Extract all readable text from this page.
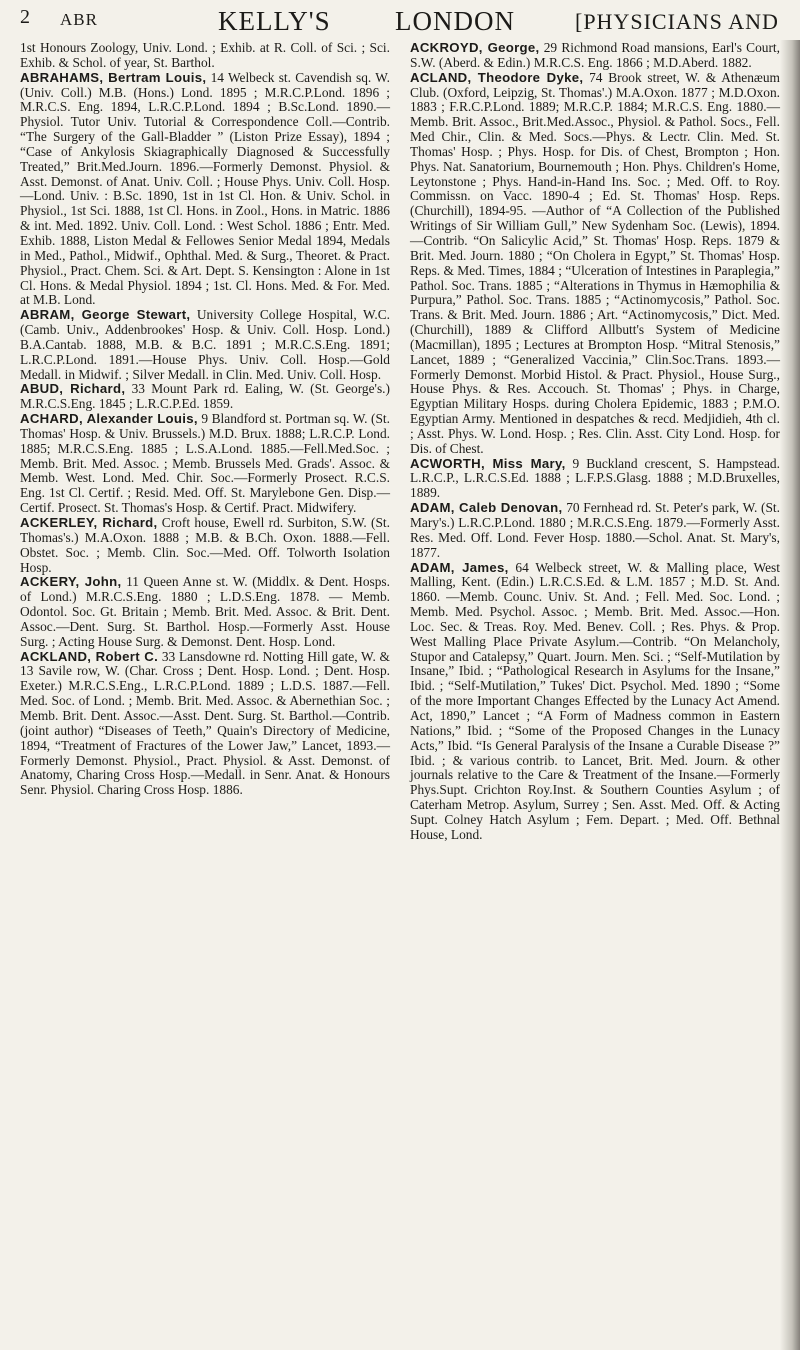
2 ABR	KELLY'S LONDON	[PHYSICIANS AND

1st Honours Zoology, Univ. Lond. ; Exhib. at R. Coll. of Sci. ; Sci. Exhib. & Schol. of year, St. Barthol.

ABRAHAMS, Bertram Louis, 14 Welbeck st. Cavendish sq. W. (Univ. Coll.) M.B. (Hons.) Lond. 1895 ; M.R.C.P.Lond. 1896 ; M.R.C.S. Eng. 1894, L.R.C.P.Lond. 1894 ; B.Sc.Lond. 1890.—Physiol. Tutor Univ. Tutorial & Correspondence Coll.—Contrib. “The Surgery of the Gall-Bladder ” (Liston Prize Essay), 1894 ; “Case of Ankylosis Skiagraphically Diagnosed & Successfully Treated,” Brit.Med.Journ. 1896.—Formerly Demonst. Physiol. & Asst. Demonst. of Anat. Univ. Coll. ; House Phys. Univ. Coll. Hosp.—Lond. Univ. : B.Sc. 1890, 1st in 1st Cl. Hon. & Univ. Schol. in Physiol., 1st Sci. 1888, 1st Cl. Hons. in Zool., Hons. in Matric. 1886 & int. Med. 1892. Univ. Coll. Lond. : West Schol. 1886 ; Entr. Med. Exhib. 1888, Liston Medal & Fellowes Senior Medal 1894, Medals in Med., Pathol., Midwif., Ophthal. Med. & Surg., Theoret. & Pract. Physiol., Pract. Chem. Sci. & Art. Dept. S. Kensington : Alone in 1st Cl. Hons. & Medal Physiol. 1894 ; 1st. Cl. Hons. Med. & For. Med. at M.B. Lond.

ABRAM, George Stewart, University College Hospital, W.C. (Camb. Univ., Addenbrookes' Hosp. & Univ. Coll. Hosp. Lond.) B.A.Cantab. 1888, M.B. & B.C. 1891 ; M.R.C.S.Eng. 1891; L.R.C.P.Lond. 1891.—House Phys. Univ. Coll. Hosp.—Gold Medall. in Midwif. ; Silver Medall. in Clin. Med. Univ. Coll. Hosp.

ABUD, Richard, 33 Mount Park rd. Ealing, W. (St. George's.) M.R.C.S.Eng. 1845 ; L.R.C.P.Ed. 1859.

ACHARD, Alexander Louis, 9 Blandford st. Portman sq. W. (St. Thomas' Hosp. & Univ. Brussels.) M.D. Brux. 1888; L.R.C.P. Lond. 1885; M.R.C.S.Eng. 1885 ; L.S.A.Lond. 1885.—Fell.Med.Soc. ; Memb. Brit. Med. Assoc. ; Memb. Brussels Med. Grads'. Assoc. & Memb. West. Lond. Med. Chir. Soc.—Formerly Prosect. R.C.S. Eng. 1st Cl. Certif. ; Resid. Med. Off. St. Marylebone Gen. Disp.—Certif. Prosect. St. Thomas's Hosp. & Certif. Pract. Midwifery.

ACKERLEY, Richard, Croft house, Ewell rd. Surbiton, S.W. (St. Thomas's.) M.A.Oxon. 1888 ; M.B. & B.Ch. Oxon. 1888.—Fell. Obstet. Soc. ; Memb. Clin. Soc.—Med. Off. Tolworth Isolation Hosp.

ACKERY, John, 11 Queen Anne st. W. (Middlx. & Dent. Hosps. of Lond.) M.R.C.S.Eng. 1880 ; L.D.S.Eng. 1878. — Memb. Odontol. Soc. Gt. Britain ; Memb. Brit. Med. Assoc. & Brit. Dent. Assoc.—Dent. Surg. St. Barthol. Hosp.—Formerly Asst. House Surg. ; Acting House Surg. & Demonst. Dent. Hosp. Lond.

ACKLAND, Robert C. 33 Lansdowne rd. Notting Hill gate, W. & 13 Savile row, W. (Char. Cross ; Dent. Hosp. Lond. ; Dent. Hosp. Exeter.) M.R.C.S.Eng., L.R.C.P.Lond. 1889 ; L.D.S. 1887.—Fell. Med. Soc. of Lond. ; Memb. Brit. Med. Assoc. & Abernethian Soc. ; Memb. Brit. Dent. Assoc.—Asst. Dent. Surg. St. Barthol.—Contrib. (joint author) “Diseases of Teeth,” Quain's Directory of Medicine, 1894, “Treatment of Fractures of the Lower Jaw,” Lancet, 1893.—Formerly Demonst. Physiol., Pract. Physiol. & Asst. Demonst. of Anatomy, Charing Cross Hosp.—Medall. in Senr. Anat. & Honours Senr. Physiol. Charing Cross Hosp. 1886.

ACKROYD, George, 29 Richmond Road mansions, Earl's Court, S.W. (Aberd. & Edin.) M.R.C.S. Eng. 1866 ; M.D.Aberd. 1882.

ACLAND, Theodore Dyke, 74 Brook street, W. & Athenæum Club. (Oxford, Leipzig, St. Thomas'.) M.A.Oxon. 1877 ; M.D.Oxon. 1883 ; F.R.C.P.Lond. 1889; M.R.C.P. 1884; M.R.C.S. Eng. 1880.—Memb. Brit. Assoc., Brit.Med.Assoc., Physiol. & Pathol. Socs., Fell. Med Chir., Clin. & Med. Socs.—Phys. & Lectr. Clin. Med. St. Thomas' Hosp. ; Phys. Hosp. for Dis. of Chest, Brompton ; Hon. Phys. Nat. Sanatorium, Bournemouth ; Hon. Phys. Children's Home, Leytonstone ; Phys. Hand-in-Hand Ins. Soc. ; Med. Off. to Roy. Commissn. on Vacc. 1890-4 ; Ed. St. Thomas' Hosp. Reps. (Churchill), 1894-95. —Author of “A Collection of the Published Writings of Sir William Gull,” New Sydenham Soc. (Lewis), 1894.—Contrib. “On Salicylic Acid,” St. Thomas' Hosp. Reps. 1879 & Brit. Med. Journ. 1880 ; “On Cholera in Egypt,” St. Thomas' Hosp. Reps. & Med. Times, 1884 ; “Ulceration of Intestines in Paraplegia,” Pathol. Soc. Trans. 1885 ; “Alterations in Thymus in Hæmophilia & Purpura,” Pathol. Soc. Trans. 1885 ; “Actinomycosis,” Pathol. Soc. Trans. & Brit. Med. Journ. 1886 ; Art. “Actinomycosis,” Dict. Med. (Churchill), 1889 & Clifford Allbutt's System of Medicine (Macmillan), 1895 ; Lectures at Brompton Hosp. “Mitral Stenosis,” Lancet, 1889 ; “Generalized Vaccinia,” Clin.Soc.Trans. 1893.—Formerly Demonst. Morbid Histol. & Pract. Physiol., House Surg., House Phys. & Res. Accouch. St. Thomas' ; Phys. in Charge, Egyptian Military Hosps. during Cholera Epidemic, 1883 ; P.M.O. Egyptian Army. Mentioned in despatches & recd. Medjidieh, 4th cl. ; Asst. Phys. W. Lond. Hosp. ; Res. Clin. Asst. City Lond. Hosp. for Dis. of Chest.

ACWORTH, Miss Mary, 9 Buckland crescent, S. Hampstead. L.R.C.P., L.R.C.S.Ed. 1888 ; L.F.P.S.Glasg. 1888 ; M.D.Bruxelles, 1889.

ADAM, Caleb Denovan, 70 Fernhead rd. St. Peter's park, W. (St. Mary's.) L.R.C.P.Lond. 1880 ; M.R.C.S.Eng. 1879.—Formerly Asst. Res. Med. Off. Lond. Fever Hosp. 1880.—Schol. Anat. St. Mary's, 1877.

ADAM, James, 64 Welbeck street, W. & Malling place, West Malling, Kent. (Edin.) L.R.C.S.Ed. & L.M. 1857 ; M.D. St. And. 1860. —Memb. Counc. Univ. St. And. ; Fell. Med. Soc. Lond. ; Memb. Med. Psychol. Assoc. ; Memb. Brit. Med. Assoc.—Hon. Loc. Sec. & Treas. Roy. Med. Benev. Coll. ; Res. Phys. & Prop. West Malling Place Private Asylum.—Contrib. “On Melancholy, Stupor and Catalepsy,” Quart. Journ. Men. Sci. ; “Self-Mutilation by Insane,” Ibid. ; “Pathological Research in Asylums for the Insane,” Ibid. ; “Self-Mutilation,” Tukes' Dict. Psychol. Med. 1890 ; “Some of the more Important Changes Effected by the Lunacy Act Amend. Act, 1890,” Lancet ; “A Form of Madness common in Eastern Nations,” Ibid. ; “Some of the Proposed Changes in the Lunacy Acts,” Ibid. “Is General Paralysis of the Insane a Curable Disease ?” Ibid. ; & various contrib. to Lancet, Brit. Med. Journ. & other journals relative to the Care & Treatment of the Insane.—Formerly Phys.Supt. Crichton Roy.Inst. & Southern Counties Asylum ; of Caterham Metrop. Asylum, Surrey ; Sen. Asst. Med. Off. & Acting Supt. Colney Hatch Asylum ; Fem. Depart. ; Med. Off. Bethnal House, Lond.
